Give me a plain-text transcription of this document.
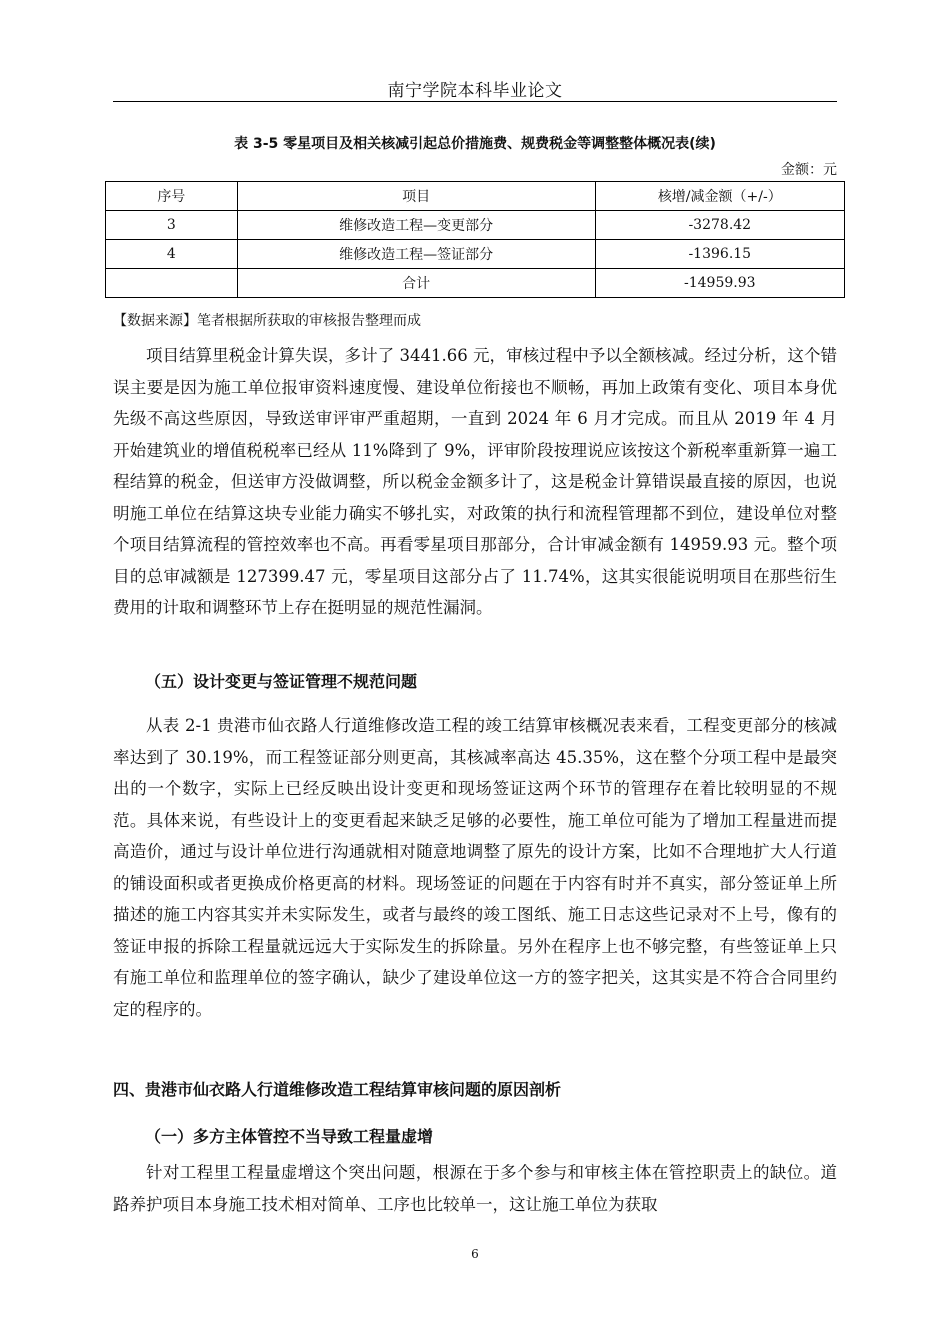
南宁学院本科毕业论文
表 3-5 零星项目及相关核减引起总价措施费、规费税金等调整整体概况表(续)
金额：元
序号	项目	核增/减金额（+/-）
3	维修改造工程—变更部分	-3278.42
4	维修改造工程—签证部分	-1396.15
	合计	-14959.93
【数据来源】笔者根据所获取的审核报告整理而成

项目结算里税金计算失误，多计了 3441.66 元，审核过程中予以全额核减。经过分析，这个错误主要是因为施工单位报审资料速度慢、建设单位衔接也不顺畅，再加上政策有变化、项目本身优先级不高这些原因，导致送审评审严重超期，一直到 2024 年 6 月才完成。而且从 2019 年 4 月开始建筑业的增值税税率已经从 11%降到了 9%，评审阶段按理说应该按这个新税率重新算一遍工程结算的税金，但送审方没做调整，所以税金金额多计了，这是税金计算错误最直接的原因，也说明施工单位在结算这块专业能力确实不够扎实，对政策的执行和流程管理都不到位，建设单位对整个项目结算流程的管控效率也不高。再看零星项目那部分，合计审减金额有 14959.93 元。整个项目的总审减额是 127399.47 元，零星项目这部分占了 11.74%，这其实很能说明项目在那些衍生费用的计取和调整环节上存在挺明显的规范性漏洞。

（五）设计变更与签证管理不规范问题

从表 2-1 贵港市仙衣路人行道维修改造工程的竣工结算审核概况表来看，工程变更部分的核减率达到了 30.19%，而工程签证部分则更高，其核减率高达 45.35%，这在整个分项工程中是最突出的一个数字，实际上已经反映出设计变更和现场签证这两个环节的管理存在着比较明显的不规范。具体来说，有些设计上的变更看起来缺乏足够的必要性，施工单位可能为了增加工程量进而提高造价，通过与设计单位进行沟通就相对随意地调整了原先的设计方案，比如不合理地扩大人行道的铺设面积或者更换成价格更高的材料。现场签证的问题在于内容有时并不真实，部分签证单上所描述的施工内容其实并未实际发生，或者与最终的竣工图纸、施工日志这些记录对不上号，像有的签证申报的拆除工程量就远远大于实际发生的拆除量。另外在程序上也不够完整，有些签证单上只有施工单位和监理单位的签字确认，缺少了建设单位这一方的签字把关，这其实是不符合合同里约定的程序的。

四、贵港市仙衣路人行道维修改造工程结算审核问题的原因剖析

（一）多方主体管控不当导致工程量虚增

针对工程里工程量虚增这个突出问题，根源在于多个参与和审核主体在管控职责上的缺位。道路养护项目本身施工技术相对简单、工序也比较单一，这让施工单位为获取

6
